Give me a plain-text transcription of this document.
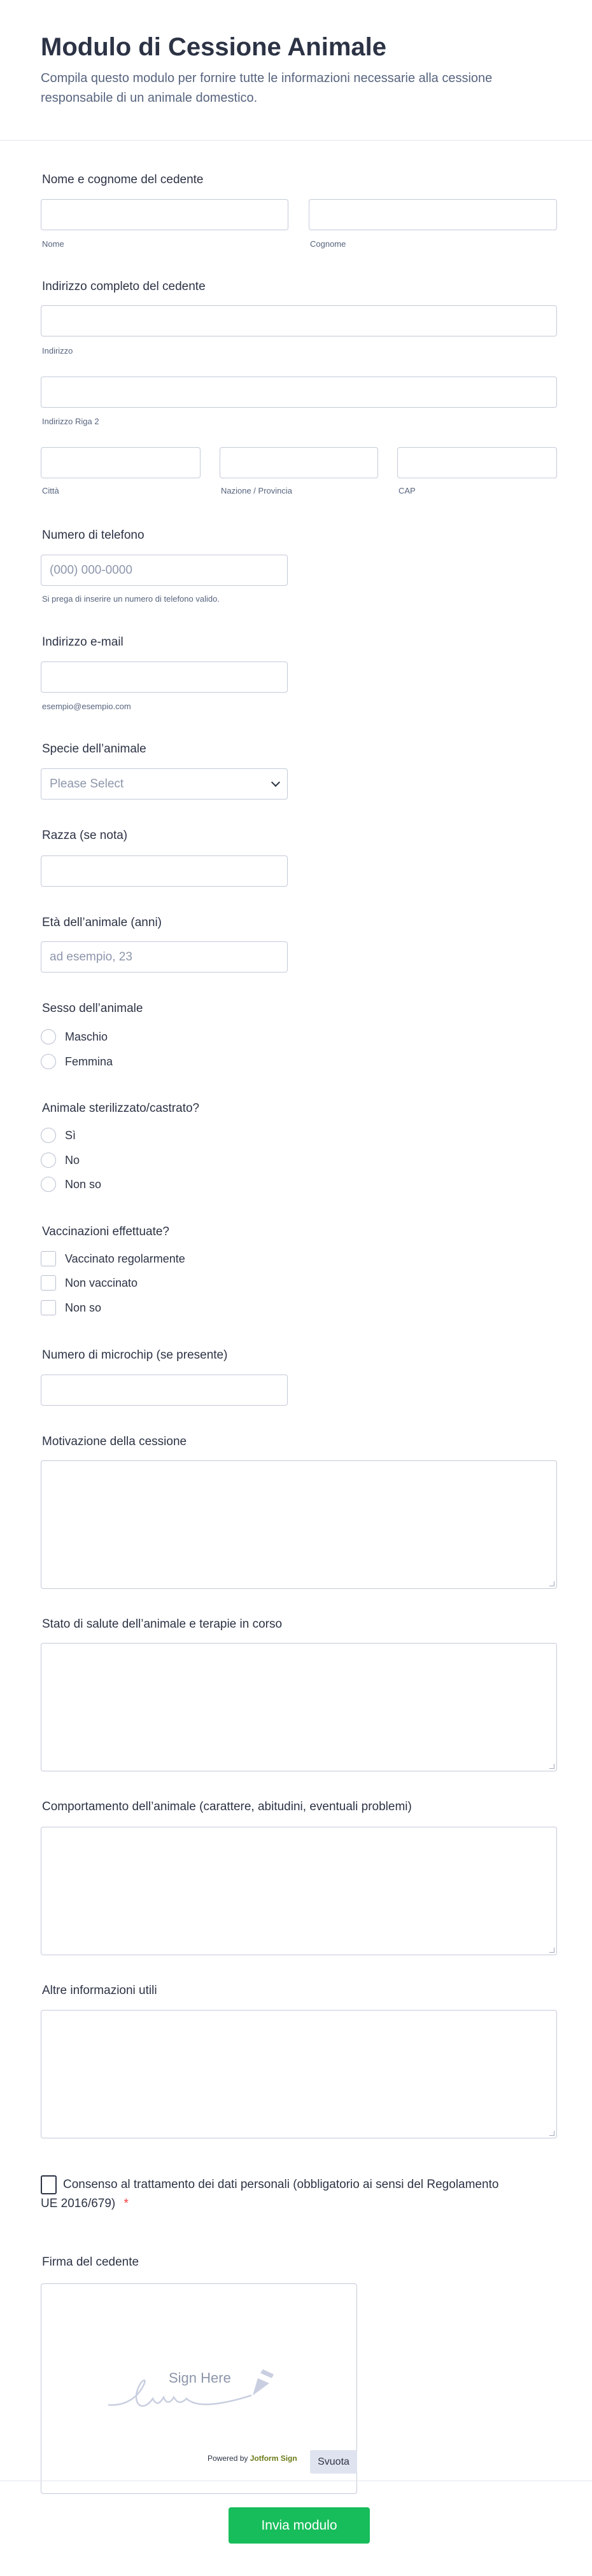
Modulo di Cessione Animale

Compila questo modulo per fornire tutte le informazioni necessarie alla cessione responsabile di un animale domestico.

Nome e cognome del cedente
Nome	Cognome
Indirizzo completo del cedente
Indirizzo
Indirizzo Riga 2
Città	Nazione / Provincia	CAP
Numero di telefono
(000) 000-0000
Si prega di inserire un numero di telefono valido.
Indirizzo e-mail
esempio@esempio.com
Specie dell’animale
Please Select
Razza (se nota)
Età dell’animale (anni)
ad esempio, 23
Sesso dell’animale
Maschio
Femmina
Animale sterilizzato/castrato?
Sì
No
Non so
Vaccinazioni effettuate?
Vaccinato regolarmente
Non vaccinato
Non so
Numero di microchip (se presente)
Motivazione della cessione
Stato di salute dell’animale e terapie in corso
Comportamento dell’animale (carattere, abitudini, eventuali problemi)
Altre informazioni utili
Consenso al trattamento dei dati personali (obbligatorio ai sensi del Regolamento UE 2016/679) *
Firma del cedente
Sign Here
Powered by Jotform Sign	Svuota
Invia modulo
